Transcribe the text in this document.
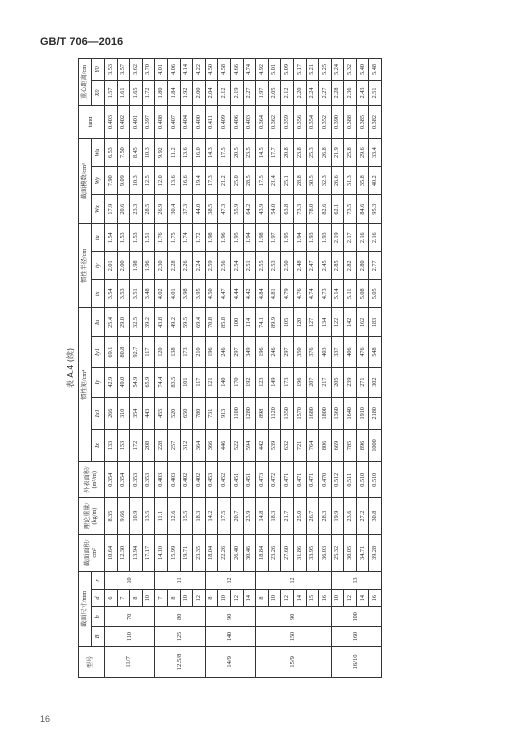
GB/T 706—2016
表 A.4 (续)
型号	截面尺寸/mm				截面面积/
cm²	理论重量/
(kg/m)	外表面积/
(m²/m)	惯性矩/cm⁴					惯性半径/cm			截面模数/cm³			tanα	重心距离/cm	
	B	b	d	r				Ix	Ix1	Iy	Iy1	Iu	ix	iy	iu	Wx	Wy	Wu		X0	Y0
11/7	110	70	6	10	10.64	8.35	0.354	133	266	42.9	69.1	25.4	3.54	2.01	1.54	17.9	7.90	6.53	0.403	1.57	3.53
			7		12.30	9.66	0.354	153	310	49.0	80.8	29.0	3.53	2.00	1.53	20.6	9.09	7.50	0.402	1.61	3.57
			8		13.94	10.9	0.353	172	354	54.9	92.7	32.5	3.51	1.98	1.53	23.3	10.3	8.45	0.401	1.65	3.62
			10		17.17	13.5	0.353	208	443	65.9	117	39.2	3.48	1.96	1.51	28.5	12.5	10.3	0.397	1.72	3.70
12.5/8	125	80	7	11	14.10	11.1	0.403	228	455	74.4	120	43.8	4.02	2.30	1.76	26.9	12.0	9.92	0.408	1.80	4.01
			8		15.99	12.6	0.403	257	520	83.5	138	49.2	4.01	2.28	1.75	30.4	13.6	11.2	0.407	1.84	4.06
			10		19.71	15.5	0.402	312	650	101	173	59.5	3.98	2.26	1.74	37.3	16.6	13.6	0.404	1.92	4.14
			12		23.35	18.3	0.402	364	780	117	210	69.4	3.95	2.24	1.72	44.0	19.4	16.0	0.400	2.00	4.22
14/9	140	90	8	12	18.04	14.2	0.453	366	731	121	196	70.8	4.50	2.59	1.98	38.5	17.3	14.3	0.411	2.04	4.50
			10		22.26	17.5	0.452	446	913	140	246	85.8	4.47	2.56	1.96	47.3	21.2	17.5	0.409	2.12	4.58
			12		26.40	20.7	0.451	522	1100	170	297	100	4.44	2.54	1.95	55.9	25.0	20.5	0.406	2.19	4.66
			14		30.46	23.9	0.451	594	1280	192	349	114	4.42	2.51	1.94	64.2	28.5	23.5	0.403	2.27	4.74
15/9	150	90	8	12	18.84	14.8	0.473	442	898	123	196	74.1	4.84	2.55	1.98	43.9	17.5	14.5	0.364	1.97	4.92
			10		23.26	18.3	0.472	539	1120	149	246	89.9	4.81	2.53	1.97	54.0	21.4	17.7	0.362	2.05	5.01
			12		27.60	21.7	0.471	632	1350	173	297	105	4.79	2.50	1.95	63.8	25.1	20.8	0.359	2.12	5.09
			14		31.86	25.0	0.471	721	1570	196	350	120	4.76	2.48	1.94	73.3	28.8	23.8	0.356	2.20	5.17
			15		33.95	26.7	0.471	764	1680	207	376	127	4.74	2.47	1.93	78.0	30.5	25.3	0.354	2.24	5.21
			16		36.03	28.3	0.470	806	1800	217	403	134	4.73	2.45	1.93	82.6	32.3	26.8	0.352	2.27	5.25
16/10	160	100	10	13	25.32	19.9	0.512	669	1360	205	337	122	5.14	2.85	2.19	62.1	26.6	21.9	0.390	2.28	5.24
			12		30.05	23.6	0.511	785	1640	239	406	142	5.11	2.82	2.17	73.5	31.3	25.8	0.388	2.36	5.32
			14		34.71	27.2	0.510	896	1910	271	476	162	5.08	2.80	2.16	84.6	35.8	29.6	0.385	2.43	5.40
			16		39.28	30.8	0.510	1000	2180	302	548	183	5.05	2.77	2.16	95.3	40.2	33.4	0.382	2.51	5.48
16
